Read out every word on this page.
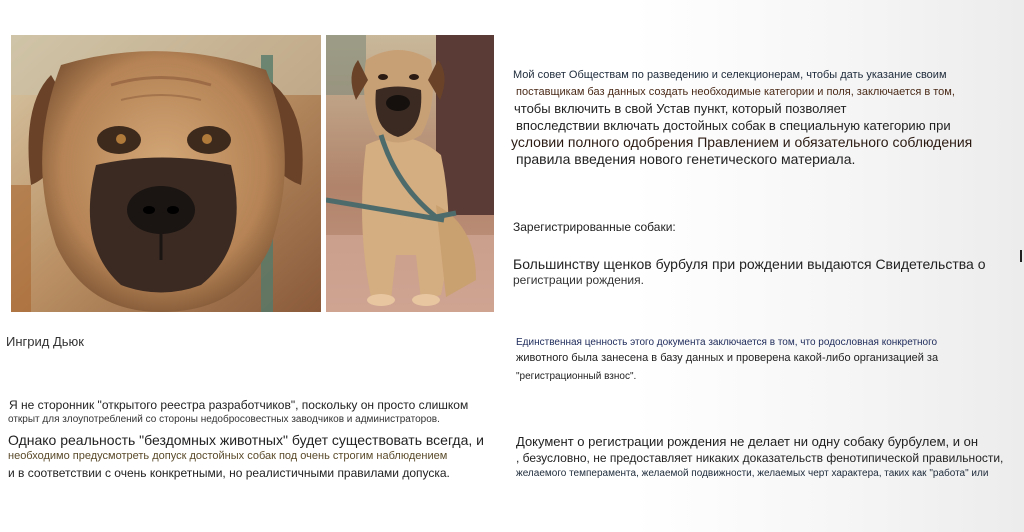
Ингрид Дьюк
Я не сторонник "открытого реестра разработчиков", поскольку он просто слишком
открыт для злоупотреблений со стороны недобросовестных заводчиков и администраторов.
Однако реальность "бездомных животных" будет существовать всегда, и
необходимо предусмотреть допуск достойных собак под очень строгим наблюдением
и в соответствии с очень конкретными, но реалистичными правилами допуска.
Мой совет Обществам по разведению и селекционерам, чтобы дать указание своим
поставщикам баз данных создать необходимые категории и поля, заключается в том,
чтобы включить в свой Устав пункт, который позволяет
впоследствии включать достойных собак в специальную категорию при
условии полного одобрения Правлением и обязательного соблюдения
правила введения нового генетического материала.
Зарегистрированные собаки:
Большинству щенков бурбуля при рождении выдаются Свидетельства о
регистрации рождения.
Единственная ценность этого документа заключается в том, что родословная конкретного
животного была занесена в базу данных и проверена какой-либо организацией за
"регистрационный взнос".
Документ о регистрации рождения не делает ни одну собаку бурбулем, и он
, безусловно, не предоставляет никаких доказательств фенотипической правильности,
желаемого темперамента, желаемой подвижности, желаемых черт характера, таких как "работа" или
